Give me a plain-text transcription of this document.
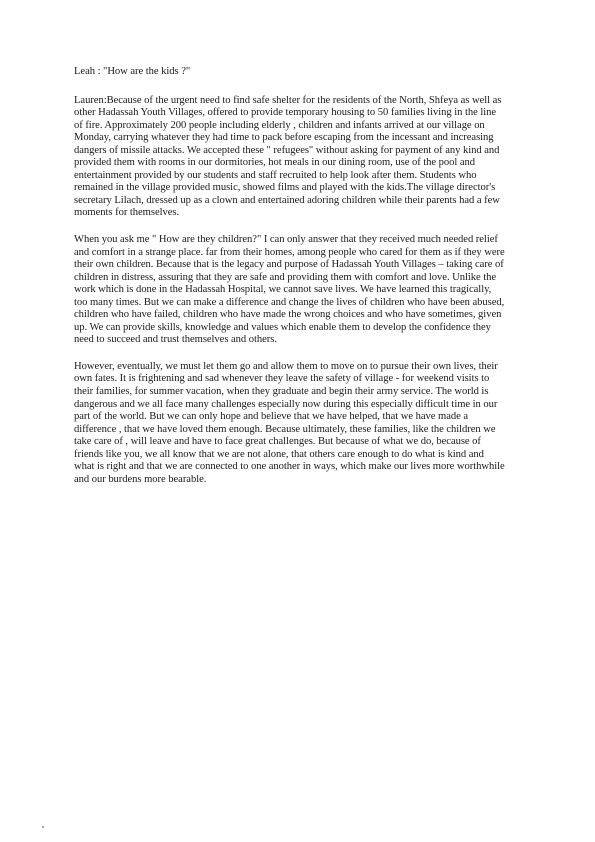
Leah : "How are the kids ?"

Lauren:Because of the urgent need to find safe shelter for the residents of the North, Shfeya as well as other Hadassah Youth Villages, offered to provide temporary housing to 50 families living in the line of fire. Approximately 200 people including elderly , children and infants arrived at our village on Monday, carrying whatever they had time to pack before escaping from the incessant and increasing dangers of missile attacks. We accepted these " refugees" without asking for payment of any kind and provided them with rooms in our dormitories, hot meals in our dining room, use of the pool and entertainment provided by our students and staff recruited to help look after them. Students who remained in the village provided music, showed films and played with the kids.The village director's secretary Lilach, dressed up as a clown and entertained adoring children while their parents had a few moments for themselves.

When you ask me " How are they children?" I can only answer that they received much needed relief and comfort in a strange place. far from their homes, among people who cared for them as if they were their own children. Because that is the legacy and purpose of Hadassah Youth Villages – taking care of children in distress, assuring that they are safe and providing them with comfort and love. Unlike the work which is done in the Hadassah Hospital, we cannot save lives. We have learned this tragically, too many times. But we can make a difference and change the lives of children who have been abused, children who have failed, children who have made the wrong choices and who have sometimes, given up. We can provide skills, knowledge and values which enable them to develop the confidence they need to succeed and trust themselves and others.

However, eventually, we must let them go and allow them to move on to pursue their own lives, their own fates. It is frightening and sad whenever they leave the safety of village - for weekend visits to their families, for summer vacation, when they graduate and begin their army service. The world is dangerous and we all face many challenges especially now during this especially difficult time in our part of the world. But we can only hope and believe that we have helped, that we have made a difference , that we have loved them enough. Because ultimately, these families, like the children we take care of , will leave and have to face great challenges. But because of what we do, because of friends like you, we all know that we are not alone, that others care enough to do what is kind and what is right and that we are connected to one another in ways, which make our lives more worthwhile and our burdens more bearable.
